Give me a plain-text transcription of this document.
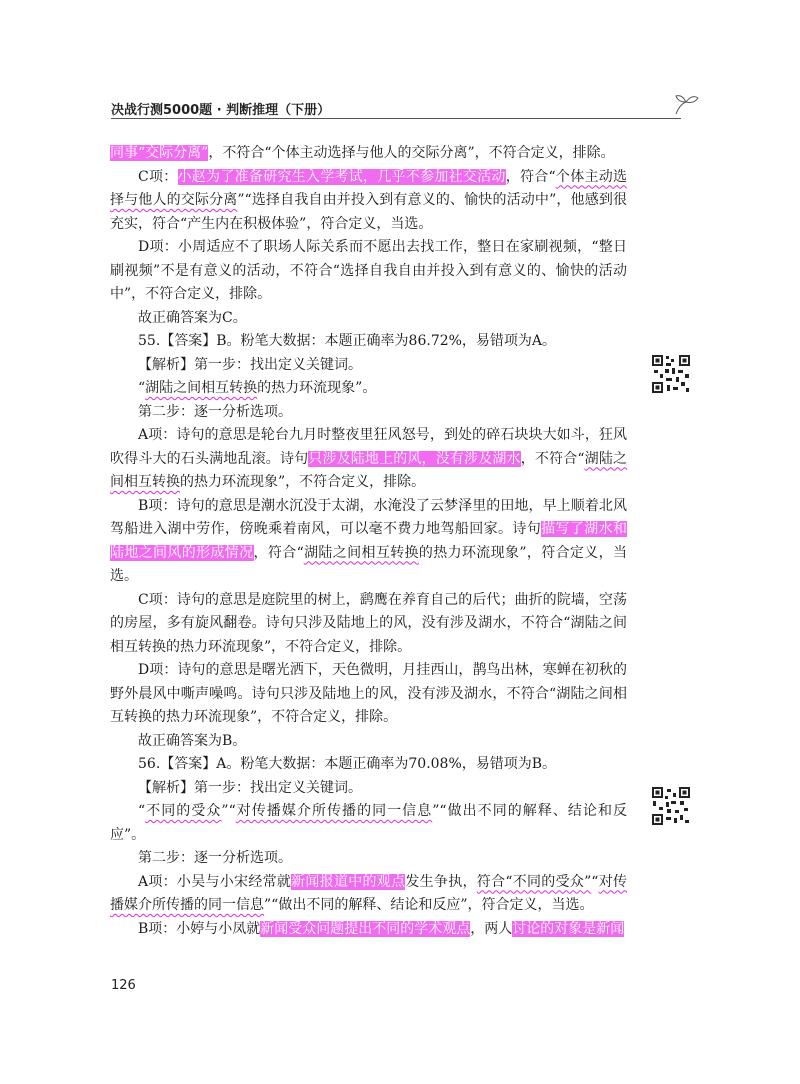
决战行测5000题 · 判断推理（下册）

同事“交际分离”，不符合“个体主动选择与他人的交际分离”，不符合定义，排除。

C项：小赵为了准备研究生入学考试，几乎不参加社交活动，符合“个体主动选择与他人的交际分离”“选择自我自由并投入到有意义的、愉快的活动中”，他感到很充实，符合“产生内在积极体验”，符合定义，当选。

D项：小周适应不了职场人际关系而不愿出去找工作，整日在家刷视频，“整日刷视频”不是有意义的活动，不符合“选择自我自由并投入到有意义的、愉快的活动中”，不符合定义，排除。

故正确答案为C。

55.【答案】B。粉笔大数据：本题正确率为86.72%，易错项为A。

【解析】第一步：找出定义关键词。

“湖陆之间相互转换的热力环流现象”。

第二步：逐一分析选项。

A项：诗句的意思是轮台九月时整夜里狂风怒号，到处的碎石块块大如斗，狂风吹得斗大的石头满地乱滚。诗句只涉及陆地上的风，没有涉及湖水，不符合“湖陆之间相互转换的热力环流现象”，不符合定义，排除。

B项：诗句的意思是潮水沉没于太湖，水淹没了云梦泽里的田地，早上顺着北风驾船进入湖中劳作，傍晚乘着南风，可以毫不费力地驾船回家。诗句描写了湖水和陆地之间风的形成情况，符合“湖陆之间相互转换的热力环流现象”，符合定义，当选。

C项：诗句的意思是庭院里的树上，鹞鹰在养育自己的后代；曲折的院墙，空荡的房屋，多有旋风翻卷。诗句只涉及陆地上的风，没有涉及湖水，不符合“湖陆之间相互转换的热力环流现象”，不符合定义，排除。

D项：诗句的意思是曙光洒下，天色微明，月挂西山，鹊鸟出林，寒蝉在初秋的野外晨风中嘶声噪鸣。诗句只涉及陆地上的风，没有涉及湖水，不符合“湖陆之间相互转换的热力环流现象”，不符合定义，排除。

故正确答案为B。

56.【答案】A。粉笔大数据：本题正确率为70.08%，易错项为B。

【解析】第一步：找出定义关键词。

“不同的受众”“对传播媒介所传播的同一信息”“做出不同的解释、结论和反应”。

第二步：逐一分析选项。

A项：小吴与小宋经常就新闻报道中的观点发生争执，符合“不同的受众”“对传播媒介所传播的同一信息”“做出不同的解释、结论和反应”，符合定义，当选。

B项：小婷与小凤就新闻受众问题提出不同的学术观点，两人讨论的对象是新闻

126
